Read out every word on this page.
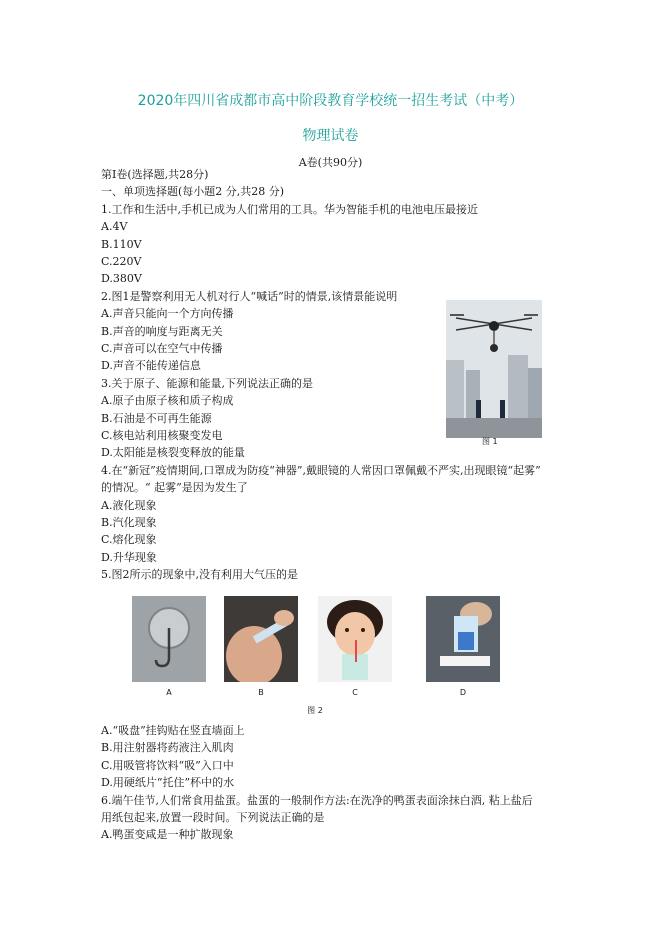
2020年四川省成都市高中阶段教育学校统一招生考试（中考）
物理试卷
A卷(共90分)
第Ⅰ卷(选择题,共28分)
一、单项选择题(每小题2 分,共28 分)
1.工作和生活中,手机已成为人们常用的工具。华为智能手机的电池电压最接近
A.4V
B.110V
C.220V
D.380V
2.图1是警察利用无人机对行人“喊话”时的情景,该情景能说明
A.声音只能向一个方向传播
B.声音的响度与距离无关
C.声音可以在空气中传播
D.声音不能传递信息
3.关于原子、能源和能量,下列说法正确的是
A.原子由原子核和质子构成
B.石油是不可再生能源
C.核电站利用核聚变发电
D.太阳能是核裂变释放的能量
4.在“新冠”疫情期间,口罩成为防疫“神器”,戴眼镜的人常因口罩佩戴不严实,出现眼镜“起雾”
的情况。“ 起雾”是因为发生了
A.液化现象
B.汽化现象
C.熔化现象
D.升华现象
5.图2所示的现象中,没有利用大气压的是
图 1
A	B	C	D
图 2
A.“吸盘”挂钩贴在竖直墙面上
B.用注射器将药液注入肌肉
C.用吸管将饮料“吸”入口中
D.用硬纸片“托住”杯中的水
6.端午佳节,人们常食用盐蛋。盐蛋的一般制作方法:在洗净的鸭蛋表面涂抹白酒, 粘上盐后
用纸包起来,放置一段时间。下列说法正确的是
A.鸭蛋变咸是一种扩散现象
